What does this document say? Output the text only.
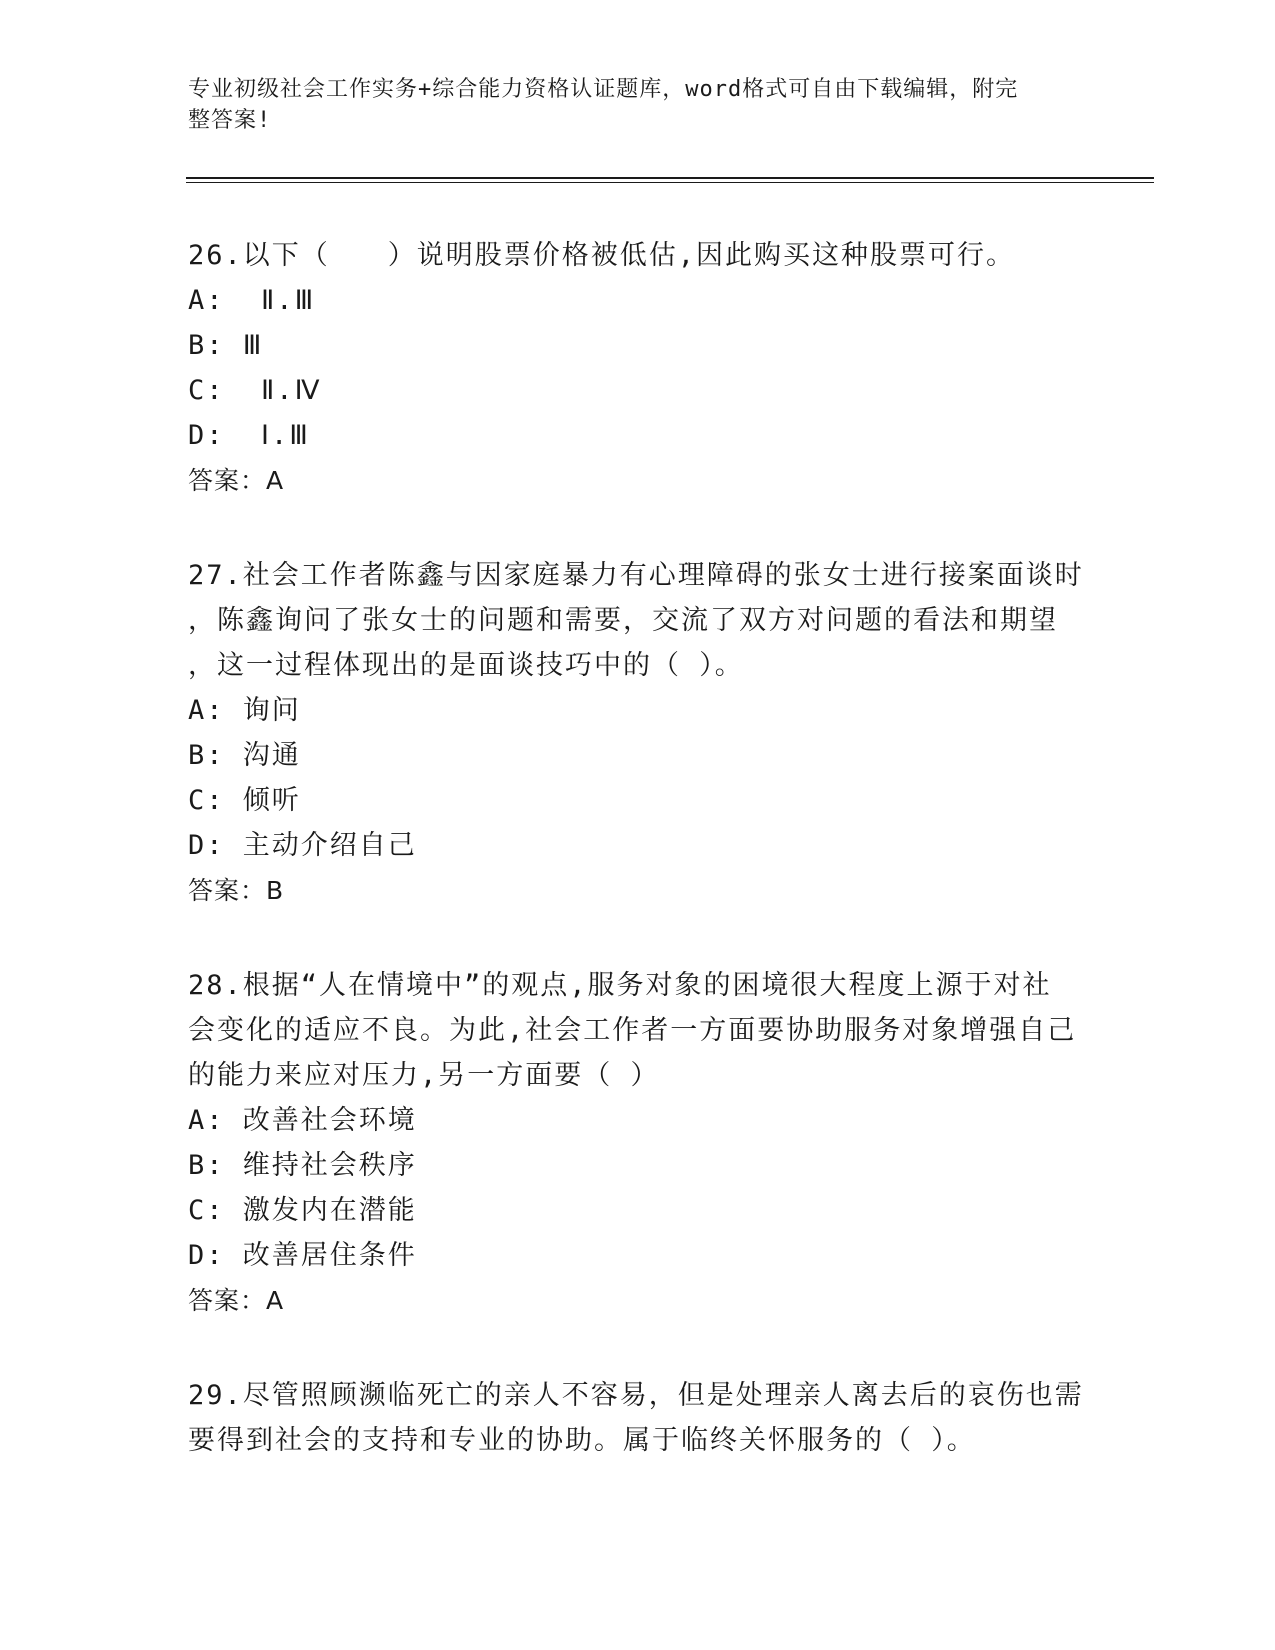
专业初级社会工作实务+综合能力资格认证题库，word格式可自由下载编辑，附完
整答案!
26.以下（　　）说明股票价格被低估,因此购买这种股票可行。
A:  Ⅱ.Ⅲ
B: Ⅲ
C:  Ⅱ.Ⅳ
D:  Ⅰ.Ⅲ
答案：A
27.社会工作者陈鑫与因家庭暴力有心理障碍的张女士进行接案面谈时
，陈鑫询问了张女士的问题和需要，交流了双方对问题的看法和期望
，这一过程体现出的是面谈技巧中的（ ）。
A: 询问
B: 沟通
C: 倾听
D: 主动介绍自己
答案：B
28.根据“人在情境中”的观点,服务对象的困境很大程度上源于对社
会变化的适应不良。为此,社会工作者一方面要协助服务对象增强自己
的能力来应对压力,另一方面要（ ）
A: 改善社会环境
B: 维持社会秩序
C: 激发内在潜能
D: 改善居住条件
答案：A
29.尽管照顾濒临死亡的亲人不容易，但是处理亲人离去后的哀伤也需
要得到社会的支持和专业的协助。属于临终关怀服务的（ ）。
